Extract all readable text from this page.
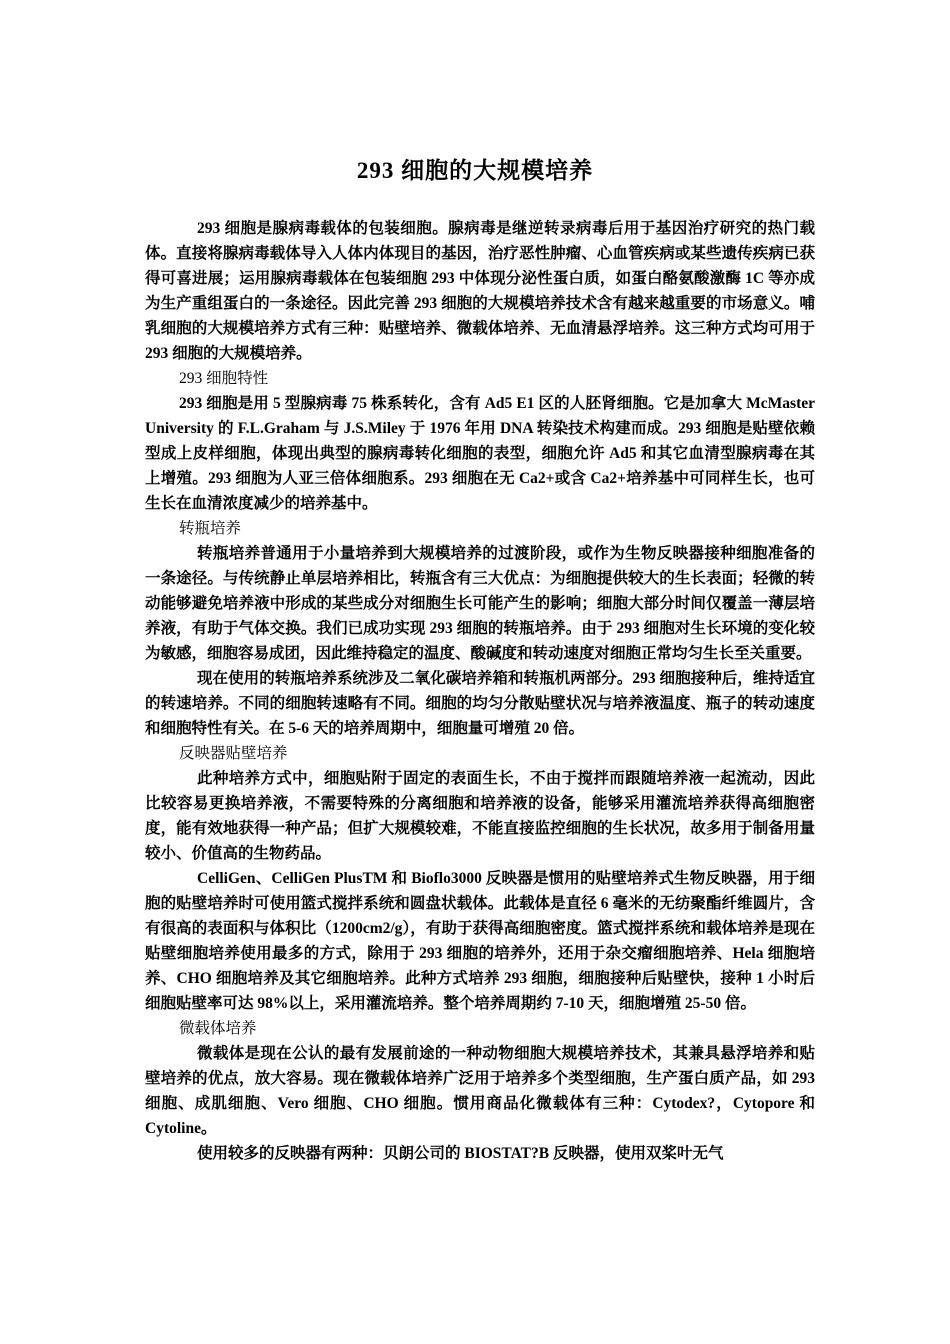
293 细胞的大规模培养

293 细胞是腺病毒载体的包装细胞。腺病毒是继逆转录病毒后用于基因治疗研究的热门载体。直接将腺病毒载体导入人体内体现目的基因，治疗恶性肿瘤、心血管疾病或某些遗传疾病已获得可喜进展；运用腺病毒载体在包装细胞 293 中体现分泌性蛋白质，如蛋白酪氨酸激酶 1C 等亦成为生产重组蛋白的一条途径。因此完善 293 细胞的大规模培养技术含有越来越重要的市场意义。哺乳细胞的大规模培养方式有三种：贴壁培养、微载体培养、无血清悬浮培养。这三种方式均可用于 293 细胞的大规模培养。

293 细胞特性

293 细胞是用 5 型腺病毒 75 株系转化，含有 Ad5 E1 区的人胚肾细胞。它是加拿大 McMaster University 的 F.L.Graham 与 J.S.Miley 于 1976 年用 DNA 转染技术构建而成。293 细胞是贴壁依赖型成上皮样细胞，体现出典型的腺病毒转化细胞的表型，细胞允许 Ad5 和其它血清型腺病毒在其上增殖。293 细胞为人亚三倍体细胞系。293 细胞在无 Ca2+或含 Ca2+培养基中可同样生长，也可生长在血清浓度减少的培养基中。

转瓶培养

转瓶培养普通用于小量培养到大规模培养的过渡阶段，或作为生物反映器接种细胞准备的一条途径。与传统静止单层培养相比，转瓶含有三大优点：为细胞提供较大的生长表面；轻微的转动能够避免培养液中形成的某些成分对细胞生长可能产生的影响；细胞大部分时间仅覆盖一薄层培养液，有助于气体交换。我们已成功实现 293 细胞的转瓶培养。由于 293 细胞对生长环境的变化较为敏感，细胞容易成团，因此维持稳定的温度、酸碱度和转动速度对细胞正常均匀生长至关重要。

现在使用的转瓶培养系统涉及二氧化碳培养箱和转瓶机两部分。293 细胞接种后，维持适宜的转速培养。不同的细胞转速略有不同。细胞的均匀分散贴壁状况与培养液温度、瓶子的转动速度和细胞特性有关。在 5-6 天的培养周期中，细胞量可增殖 20 倍。

反映器贴壁培养

此种培养方式中，细胞贴附于固定的表面生长，不由于搅拌而跟随培养液一起流动，因此比较容易更换培养液，不需要特殊的分离细胞和培养液的设备，能够采用灌流培养获得高细胞密度，能有效地获得一种产品；但扩大规模较难，不能直接监控细胞的生长状况，故多用于制备用量较小、价值高的生物药品。

CelliGen、CelliGen PlusTM 和 Bioflo3000 反映器是惯用的贴壁培养式生物反映器，用于细胞的贴壁培养时可使用篮式搅拌系统和圆盘状载体。此载体是直径 6 毫米的无纺聚酯纤维圆片，含有很高的表面积与体积比（1200cm2/g），有助于获得高细胞密度。篮式搅拌系统和载体培养是现在贴壁细胞培养使用最多的方式，除用于 293 细胞的培养外，还用于杂交瘤细胞培养、Hela 细胞培养、CHO 细胞培养及其它细胞培养。此种方式培养 293 细胞，细胞接种后贴壁快，接种 1 小时后细胞贴壁率可达 98%以上，采用灌流培养。整个培养周期约 7-10 天，细胞增殖 25-50 倍。

微载体培养

微载体是现在公认的最有发展前途的一种动物细胞大规模培养技术，其兼具悬浮培养和贴壁培养的优点，放大容易。现在微载体培养广泛用于培养多个类型细胞，生产蛋白质产品，如 293 细胞、成肌细胞、Vero 细胞、CHO 细胞。惯用商品化微载体有三种：Cytodex?，Cytopore 和 Cytoline。

使用较多的反映器有两种：贝朗公司的 BIOSTAT?B 反映器，使用双桨叶无气
